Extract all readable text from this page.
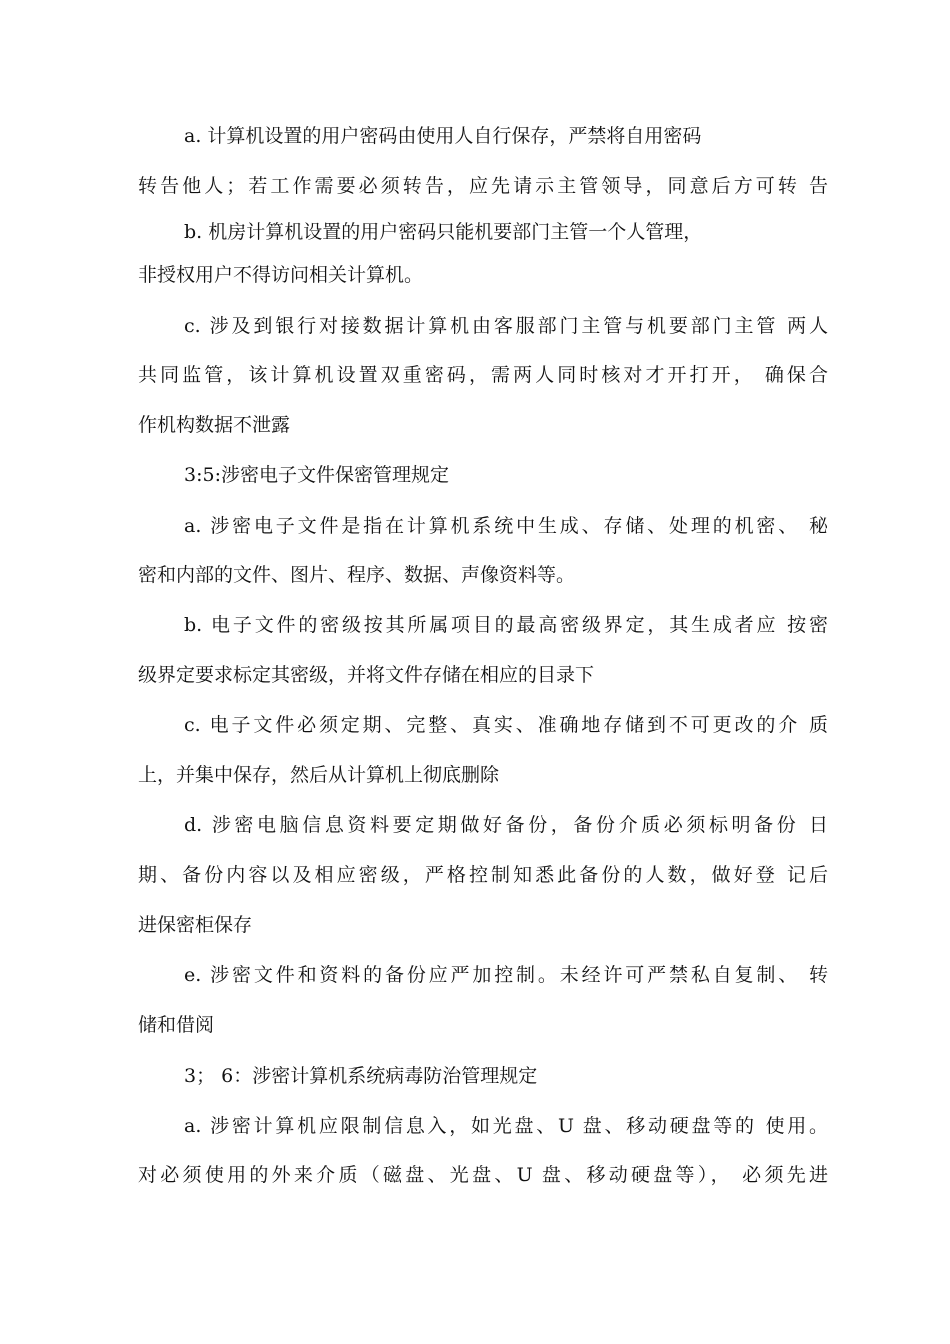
a. 计算机设置的用户密码由使用人自行保存，严禁将自用密码
转告他人；若工作需要必须转告，应先请示主管领导，同意后方可转 告
b. 机房计算机设置的用户密码只能机要部门主管一个人管理，
非授权用户不得访问相关计算机。
c. 涉及到银行对接数据计算机由客服部门主管与机要部门主管 两人
共同监管，该计算机设置双重密码，需两人同时核对才开打开， 确保合
作机构数据不泄露
3:5:涉密电子文件保密管理规定
a. 涉密电子文件是指在计算机系统中生成、存储、处理的机密、 秘
密和内部的文件、图片、程序、数据、声像资料等。
b. 电子文件的密级按其所属项目的最高密级界定，其生成者应 按密
级界定要求标定其密级，并将文件存储在相应的目录下
c. 电子文件必须定期、完整、真实、准确地存储到不可更改的介 质
上，并集中保存，然后从计算机上彻底删除
d. 涉密电脑信息资料要定期做好备份，备份介质必须标明备份 日
期、备份内容以及相应密级，严格控制知悉此备份的人数，做好登 记后
进保密柜保存
e. 涉密文件和资料的备份应严加控制。未经许可严禁私自复制、 转
储和借阅
3； 6：涉密计算机系统病毒防治管理规定
a. 涉密计算机应限制信息入，如光盘、U 盘、移动硬盘等的 使用。
对必须使用的外来介质（磁盘、光盘、U 盘、移动硬盘等）， 必须先进
